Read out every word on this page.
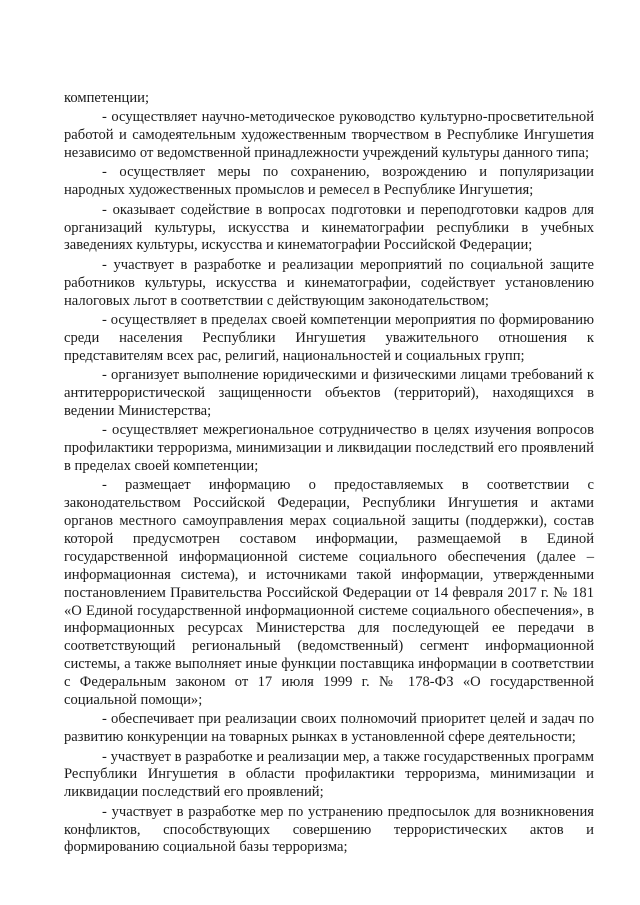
компетенции;

- осуществляет научно-методическое руководство культурно-просветительной работой и самодеятельным художественным творчеством в Республике Ингушетия независимо от ведомственной принадлежности учреждений культуры данного типа;

- осуществляет меры по сохранению, возрождению и популяризации народных художественных промыслов и ремесел в Республике Ингушетия;

- оказывает содействие в вопросах подготовки и переподготовки кадров для организаций культуры, искусства и кинематографии республики в учебных заведениях культуры, искусства и кинематографии Российской Федерации;

- участвует в разработке и реализации мероприятий по социальной защите работников культуры, искусства и кинематографии, содействует установлению налоговых льгот в соответствии с действующим законодательством;

- осуществляет в пределах своей компетенции мероприятия по формированию среди населения Республики Ингушетия уважительного отношения к представителям всех рас, религий, национальностей и социальных групп;

- организует выполнение юридическими и физическими лицами требований к антитеррористической защищенности объектов (территорий), находящихся в ведении Министерства;

- осуществляет межрегиональное сотрудничество в целях изучения вопросов профилактики терроризма, минимизации и ликвидации последствий его проявлений в пределах своей компетенции;

- размещает информацию о предоставляемых в соответствии с законодательством Российской Федерации, Республики Ингушетия и актами органов местного самоуправления мерах социальной защиты (поддержки), состав которой предусмотрен составом информации, размещаемой в Единой государственной информационной системе социального обеспечения (далее – информационная система), и источниками такой информации, утвержденными постановлением Правительства Российской Федерации от 14 февраля 2017 г. № 181 «О Единой государственной информационной системе социального обеспечения», в информационных ресурсах Министерства для последующей ее передачи в соответствующий региональный (ведомственный) сегмент информационной системы, а также выполняет иные функции поставщика информации в соответствии с Федеральным законом от 17 июля 1999 г. № 178-ФЗ «О государственной социальной помощи»;

- обеспечивает при реализации своих полномочий приоритет целей и задач по развитию конкуренции на товарных рынках в установленной сфере деятельности;

- участвует в разработке и реализации мер, а также государственных программ Республики Ингушетия в области профилактики терроризма, минимизации и ликвидации последствий его проявлений;

- участвует в разработке мер по устранению предпосылок для возникновения конфликтов, способствующих совершению террористических актов и формированию социальной базы терроризма;
